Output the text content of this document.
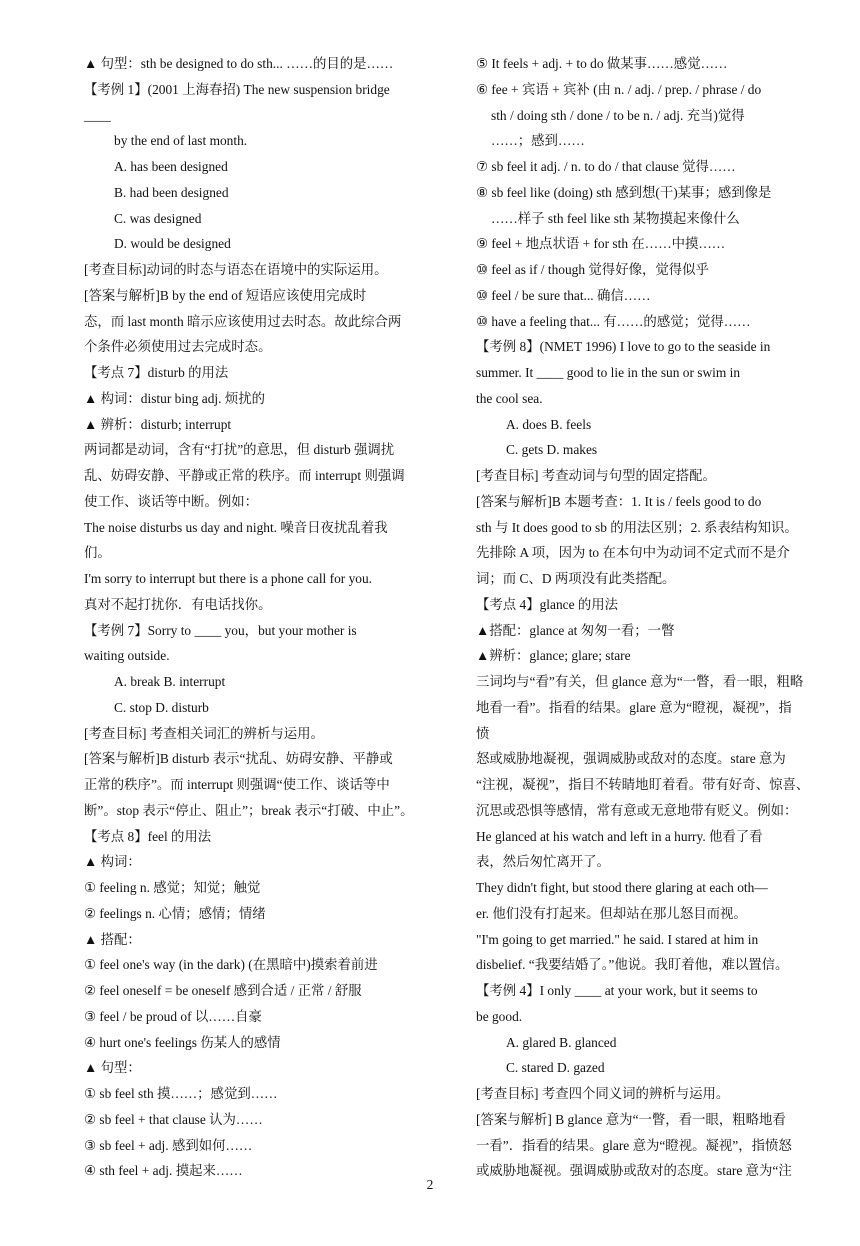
▲ 句型：sth be designed to do sth... ……的目的是……
【考例 1】(2001 上海春招) The new suspension bridge
____
by the end of last month.
A. has been designed
B. had been designed
C. was designed
D. would be designed
[考查目标]动词的时态与语态在语境中的实际运用。
[答案与解析]B by the end of 短语应该使用完成时
态，而 last month 暗示应该使用过去时态。故此综合两
个条件必须使用过去完成时态。
【考点 7】disturb 的用法
▲ 构词：distur bing adj. 烦扰的
▲ 辨析：disturb; interrupt
两词都是动词，含有“打扰”的意思，但 disturb 强调扰
乱、妨碍安静、平静或正常的秩序。而 interrupt 则强调
使工作、谈话等中断。例如：
The noise disturbs us day and night. 噪音日夜扰乱着我
们。
I'm sorry to interrupt but there is a phone call for you.
真对不起打扰你．有电话找你。
【考例 7】Sorry to ____ you，but your mother is
waiting outside.
A. break B. interrupt
C. stop D. disturb
[考查目标] 考查相关词汇的辨析与运用。
[答案与解析]B disturb 表示“扰乱、妨碍安静、平静或
正常的秩序”。而 interrupt 则强调“使工作、谈话等中
断”。stop 表示“停止、阻止”；break 表示“打破、中止”。
【考点 8】feel 的用法
▲ 构词：
① feeling n. 感觉；知觉；触觉
② feelings n. 心情；感情；情绪
▲ 搭配：
① feel one's way (in the dark) (在黑暗中)摸索着前进
② feel oneself = be oneself 感到合适 / 正常 / 舒服
③ feel / be proud of 以……自豪
④ hurt one's feelings 伤某人的感情
▲ 句型：
① sb feel sth 摸……；感觉到……
② sb feel + that clause 认为……
③ sb feel + adj. 感到如何……
④ sth feel + adj. 摸起来……
⑤ It feels + adj. + to do 做某事……感觉……
⑥ fee + 宾语 + 宾补 (由 n. / adj. / prep. / phrase / do
sth / doing sth / done / to be n. / adj. 充当)觉得
……；感到……
⑦ sb feel it adj. / n. to do / that clause 觉得……
⑧ sb feel like (doing) sth 感到想(干)某事；感到像是
……样子 sth feel like sth 某物摸起来像什么
⑨ feel + 地点状语 + for sth 在……中摸……
⑩ feel as if / though 觉得好像，觉得似乎
⑩ feel / be sure that... 确信……
⑩ have a feeling that... 有……的感觉；觉得……
【考例 8】(NMET 1996) I love to go to the seaside in
summer. It ____ good to lie in the sun or swim in
the cool sea.
A. does B. feels
C. gets D. makes
[考查目标] 考查动词与句型的固定搭配。
[答案与解析]B 本题考查：1. It is / feels good to do
sth 与 It does good to sb 的用法区别；2. 系表结构知识。
先排除 A 项，因为 to 在本句中为动词不定式而不是介
词；而 C、D 两项没有此类搭配。
【考点 4】glance 的用法
▲搭配：glance at 匆匆一看；一瞥
▲辨析：glance; glare; stare
三词均与“看”有关，但 glance 意为“一瞥，看一眼，粗略
地看一看”。指看的结果。glare 意为“瞪视，凝视”，指
愤
怒或威胁地凝视，强调威胁或敌对的态度。stare 意为
“注视，凝视”，指目不转睛地盯着看。带有好奇、惊喜、
沉思或恐惧等感情，常有意或无意地带有贬义。例如：
He glanced at his watch and left in a hurry. 他看了看
表，然后匆忙离开了。
They didn't fight, but stood there glaring at each oth—
er. 他们没有打起来。但却站在那儿怒目而视。
"I'm going to get married." he said. I stared at him in
disbelief. “我要结婚了。”他说。我盯着他，难以置信。
【考例 4】I only ____ at your work, but it seems to
be good.
A. glared B. glanced
C. stared D. gazed
[考查目标] 考查四个同义词的辨析与运用。
[答案与解析] B glance 意为“一瞥，看一眼，粗略地看
一看”．指看的结果。glare 意为“瞪视。凝视”，指愤怒
或威胁地凝视。强调威胁或敌对的态度。stare 意为“注
2
